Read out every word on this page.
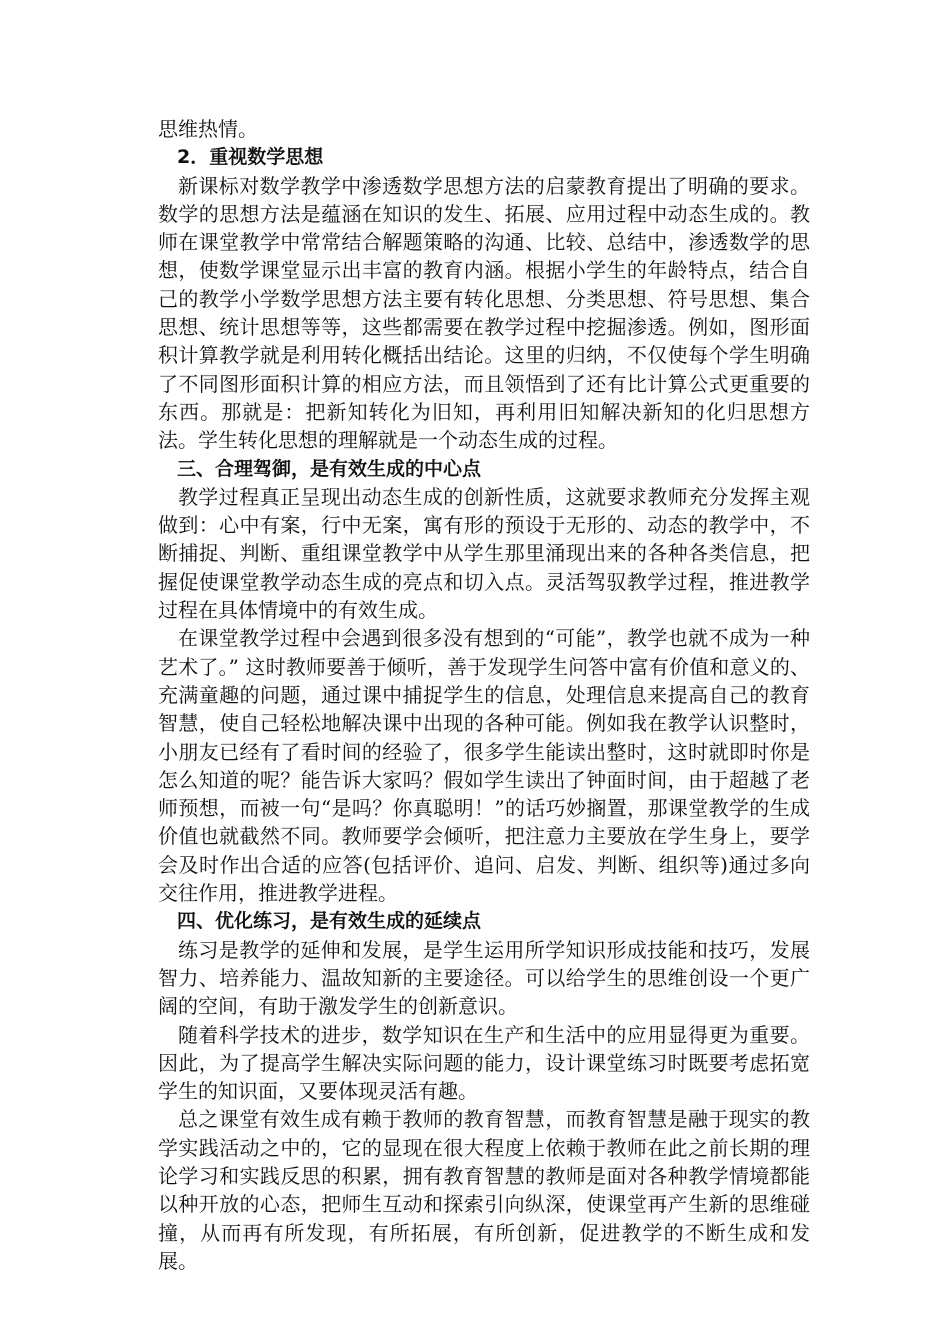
思维热情。

2．重视数学思想

新课标对数学教学中渗透数学思想方法的启蒙教育提出了明确的要求。数学的思想方法是蕴涵在知识的发生、拓展、应用过程中动态生成的。教师在课堂教学中常常结合解题策略的沟通、比较、总结中，渗透数学的思想，使数学课堂显示出丰富的教育内涵。根据小学生的年龄特点，结合自己的教学小学数学思想方法主要有转化思想、分类思想、符号思想、集合思想、统计思想等等，这些都需要在教学过程中挖掘渗透。例如，图形面积计算教学就是利用转化概括出结论。这里的归纳，不仅使每个学生明确了不同图形面积计算的相应方法，而且领悟到了还有比计算公式更重要的东西。那就是：把新知转化为旧知，再利用旧知解决新知的化归思想方法。学生转化思想的理解就是一个动态生成的过程。

三、合理驾御，是有效生成的中心点

教学过程真正呈现出动态生成的创新性质，这就要求教师充分发挥主观做到：心中有案，行中无案，寓有形的预设于无形的、动态的教学中，不断捕捉、判断、重组课堂教学中从学生那里涌现出来的各种各类信息，把握促使课堂教学动态生成的亮点和切入点。灵活驾驭教学过程，推进教学过程在具体情境中的有效生成。

在课堂教学过程中会遇到很多没有想到的“可能”，教学也就不成为一种艺术了。” 这时教师要善于倾听，善于发现学生问答中富有价值和意义的、充满童趣的问题，通过课中捕捉学生的信息，处理信息来提高自己的教育智慧，使自己轻松地解决课中出现的各种可能。例如我在教学认识整时，小朋友已经有了看时间的经验了，很多学生能读出整时，这时就即时你是怎么知道的呢？能告诉大家吗？假如学生读出了钟面时间，由于超越了老师预想，而被一句“是吗？你真聪明！”的话巧妙搁置，那课堂教学的生成价值也就截然不同。教师要学会倾听，把注意力主要放在学生身上，要学会及时作出合适的应答(包括评价、追问、启发、判断、组织等)通过多向交往作用，推进教学进程。

四、优化练习，是有效生成的延续点

练习是教学的延伸和发展，是学生运用所学知识形成技能和技巧，发展智力、培养能力、温故知新的主要途径。可以给学生的思维创设一个更广阔的空间，有助于激发学生的创新意识。

随着科学技术的进步，数学知识在生产和生活中的应用显得更为重要。因此，为了提高学生解决实际问题的能力，设计课堂练习时既要考虑拓宽学生的知识面，又要体现灵活有趣。

总之课堂有效生成有赖于教师的教育智慧，而教育智慧是融于现实的教学实践活动之中的，它的显现在很大程度上依赖于教师在此之前长期的理论学习和实践反思的积累，拥有教育智慧的教师是面对各种教学情境都能以种开放的心态，把师生互动和探索引向纵深，使课堂再产生新的思维碰撞，从而再有所发现，有所拓展，有所创新，促进教学的不断生成和发展。
